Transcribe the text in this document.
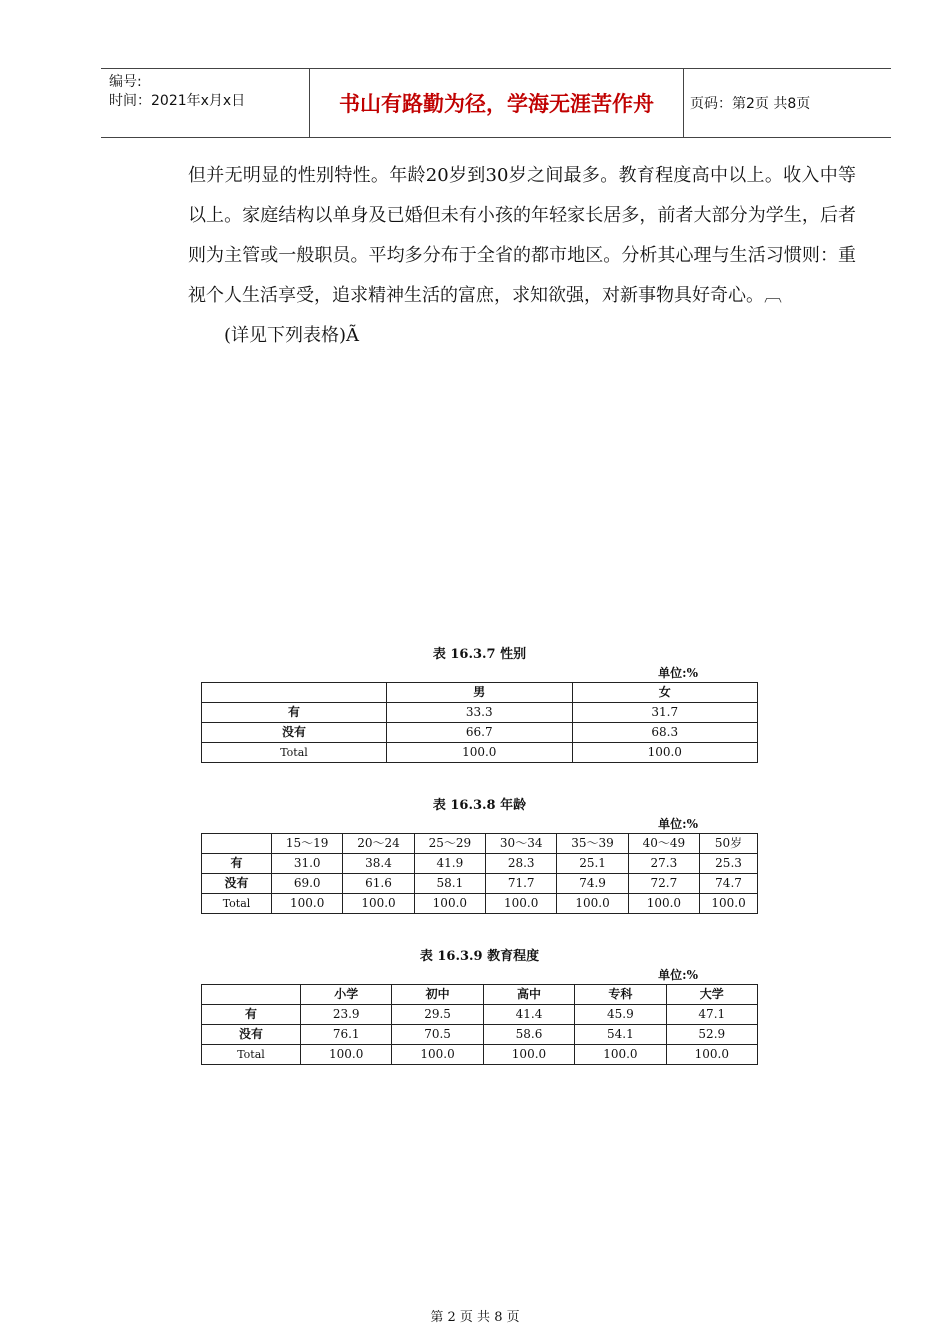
编号:
时间：2021年x月x日	书山有路勤为径，学海无涯苦作舟	页码：第2页 共8页

但并无明显的性别特性。年龄20岁到30岁之间最多。教育程度高中以上。收入中等以上。家庭结构以单身及已婚但未有小孩的年轻家长居多，前者大部分为学生，后者则为主管或一般职员。平均多分布于全省的都市地区。分析其心理与生活习惯则：重视个人生活享受，追求精神生活的富庶，求知欲强，对新事物具好奇心。︹

(详见下列表格)Ã

表 16.3.7 性别
单位:%
	男	女
有	33.3	31.7
没有	66.7	68.3
Total	100.0	100.0
表 16.3.8 年龄
单位:%
	15～19	20～24	25～29	30～34	35～39	40～49	50岁
有	31.0	38.4	41.9	28.3	25.1	27.3	25.3
没有	69.0	61.6	58.1	71.7	74.9	72.7	74.7
Total	100.0	100.0	100.0	100.0	100.0	100.0	100.0
表 16.3.9 教育程度
单位:%
	小学	初中	高中	专科	大学
有	23.9	29.5	41.4	45.9	47.1
没有	76.1	70.5	58.6	54.1	52.9
Total	100.0	100.0	100.0	100.0	100.0
第 2 页 共 8 页
